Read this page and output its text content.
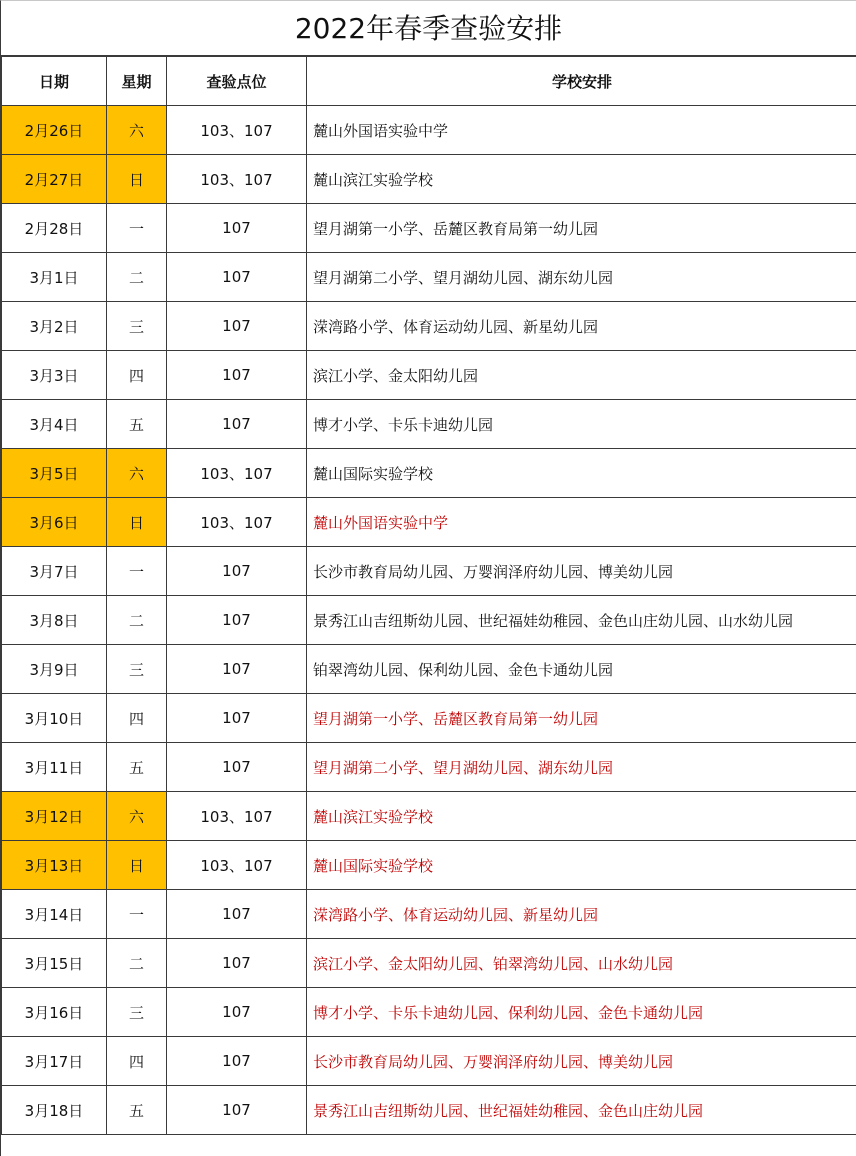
2022年春季查验安排
日期	星期	查验点位	学校安排
2月26日	六	103、107	麓山外国语实验中学
2月27日	日	103、107	麓山滨江实验学校
2月28日	一	107	望月湖第一小学、岳麓区教育局第一幼儿园
3月1日	二	107	望月湖第二小学、望月湖幼儿园、湖东幼儿园
3月2日	三	107	溁湾路小学、体育运动幼儿园、新星幼儿园
3月3日	四	107	滨江小学、金太阳幼儿园
3月4日	五	107	博才小学、卡乐卡迪幼儿园
3月5日	六	103、107	麓山国际实验学校
3月6日	日	103、107	麓山外国语实验中学
3月7日	一	107	长沙市教育局幼儿园、万婴润泽府幼儿园、博美幼儿园
3月8日	二	107	景秀江山吉纽斯幼儿园、世纪福娃幼稚园、金色山庄幼儿园、山水幼儿园
3月9日	三	107	铂翠湾幼儿园、保利幼儿园、金色卡通幼儿园
3月10日	四	107	望月湖第一小学、岳麓区教育局第一幼儿园
3月11日	五	107	望月湖第二小学、望月湖幼儿园、湖东幼儿园
3月12日	六	103、107	麓山滨江实验学校
3月13日	日	103、107	麓山国际实验学校
3月14日	一	107	溁湾路小学、体育运动幼儿园、新星幼儿园
3月15日	二	107	滨江小学、金太阳幼儿园、铂翠湾幼儿园、山水幼儿园
3月16日	三	107	博才小学、卡乐卡迪幼儿园、保利幼儿园、金色卡通幼儿园
3月17日	四	107	长沙市教育局幼儿园、万婴润泽府幼儿园、博美幼儿园
3月18日	五	107	景秀江山吉纽斯幼儿园、世纪福娃幼稚园、金色山庄幼儿园
